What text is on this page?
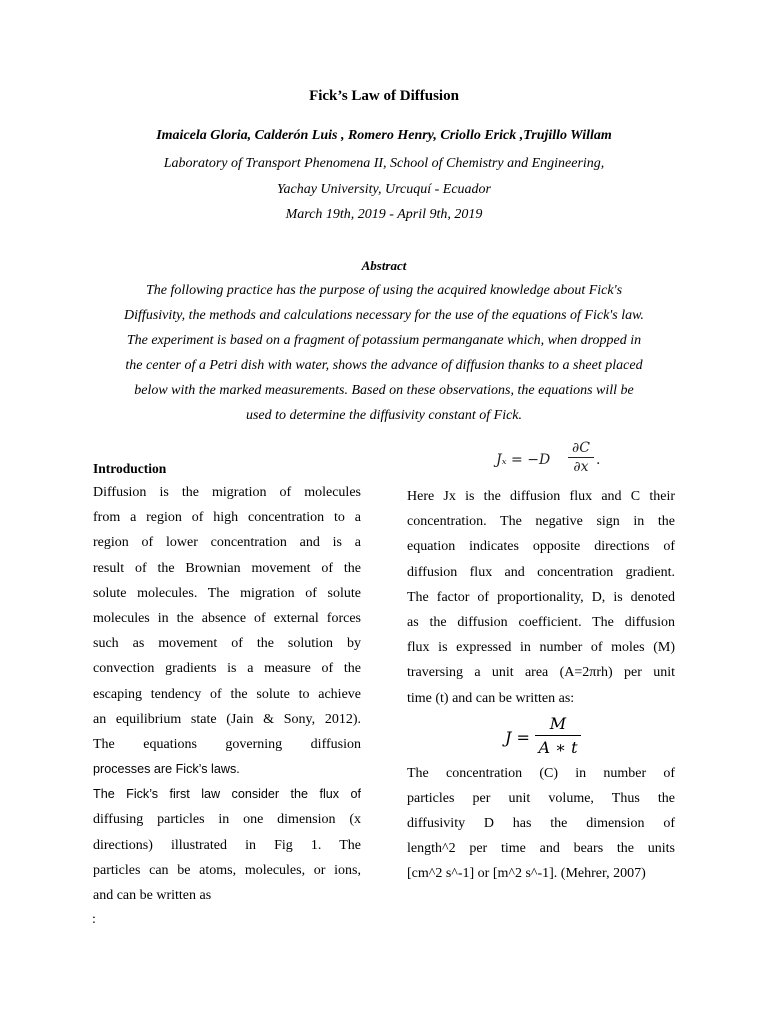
Fick’s Law of Diffusion
Imaicela Gloria, Calderón Luis , Romero Henry, Criollo Erick ,Trujillo Willam
Laboratory of Transport Phenomena II, School of Chemistry and Engineering,
Yachay University, Urcuquí - Ecuador
March 19th, 2019 - April 9th, 2019
Abstract
The following practice has the purpose of using the acquired knowledge about Fick's
Diffusivity, the methods and calculations necessary for the use of the equations of Fick's law.
The experiment is based on a fragment of potassium permanganate which, when dropped in
the center of a Petri dish with water, shows the advance of diffusion thanks to a sheet placed
below with the marked measurements. Based on these observations, the equations will be
used to determine the diffusivity constant of Fick.
Jₓ = −D
∂C
∂x .
Introduction
Diffusion is the migration of molecules
from a region of high concentration to a
region of lower concentration and is a
result of the Brownian movement of the
solute molecules. The migration of solute
molecules in the absence of external forces
such as movement of the solution by
convection gradients is a measure of the
escaping tendency of the solute to achieve
an equilibrium state (Jain & Sony, 2012).
The equations governing diffusion
processes are Fick’s laws.
The Fick’s first law consider the flux of
diffusing particles in one dimension (x
directions) illustrated in Fig 1. The
particles can be atoms, molecules, or ions,
and can be written as
:
Here Jx is the diffusion flux and C their
concentration. The negative sign in the
equation indicates opposite directions of
diffusion flux and concentration gradient.
The factor of proportionality, D, is denoted
as the diffusion coefficient. The diffusion
flux is expressed in number of moles (M)
traversing a unit area (A=2πrh) per unit
time (t) and can be written as:
The concentration (C) in number of
particles per unit volume, Thus the
diffusivity D has the dimension of
length^2 per time and bears the units
[cm^2 s^-1] or [m^2 s^-1]. (Mehrer, 2007)
J =
M
A ∗ t
